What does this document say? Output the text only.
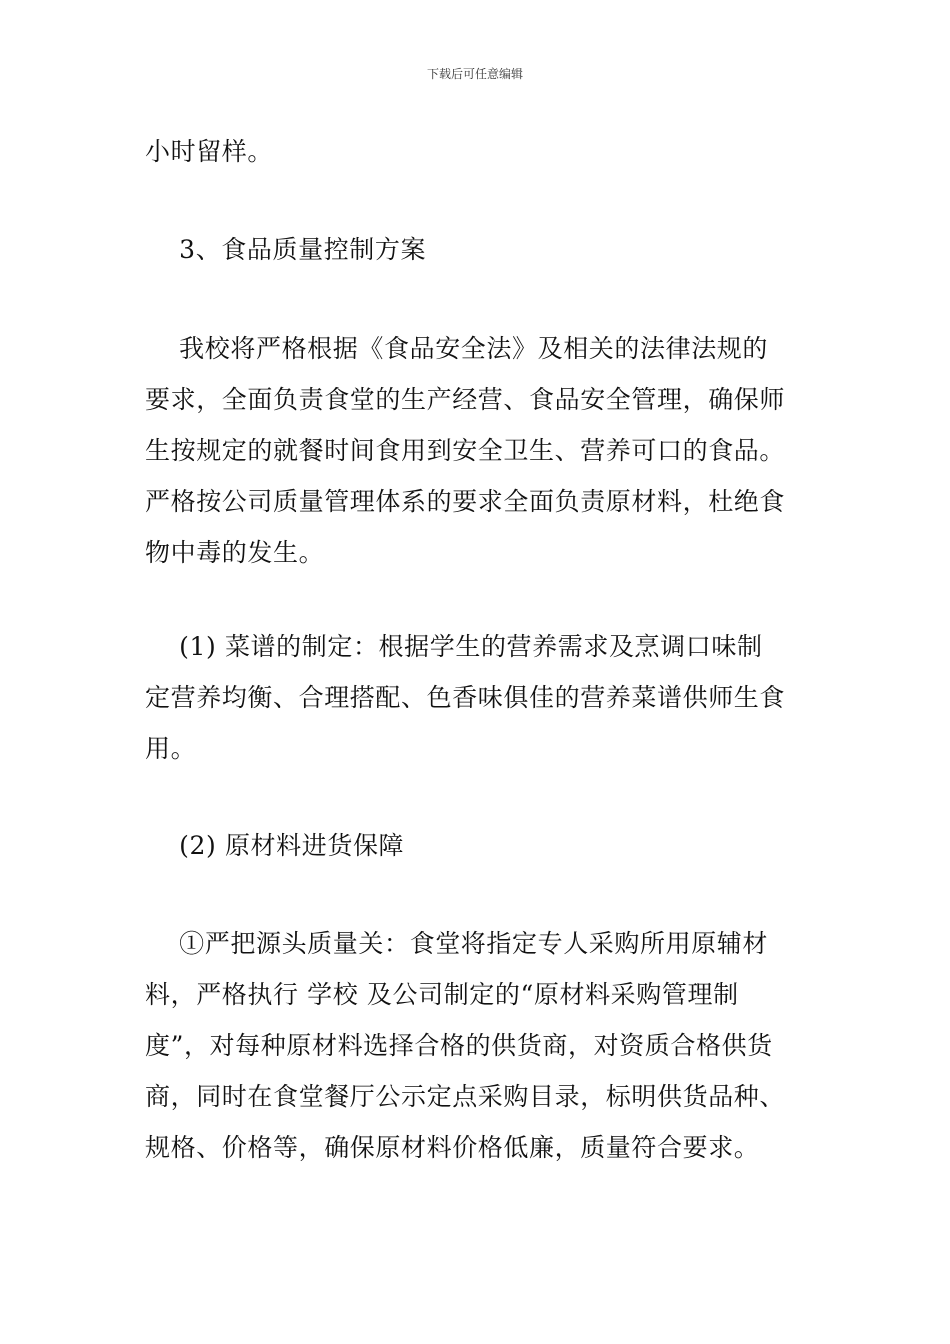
下载后可任意编辑
小时留样。
3、食品质量控制方案
我校将严格根据《食品安全法》及相关的法律法规的
要求，全面负责食堂的生产经营、食品安全管理，确保师
生按规定的就餐时间食用到安全卫生、营养可口的食品。
严格按公司质量管理体系的要求全面负责原材料，杜绝食
物中毒的发生。
(1) 菜谱的制定：根据学生的营养需求及烹调口味制
定营养均衡、合理搭配、色香味俱佳的营养菜谱供师生食
用。
(2) 原材料进货保障
①严把源头质量关：食堂将指定专人采购所用原辅材
料，严格执行 学校 及公司制定的“原材料采购管理制
度”，对每种原材料选择合格的供货商，对资质合格供货
商，同时在食堂餐厅公示定点采购目录，标明供货品种、
规格、价格等，确保原材料价格低廉，质量符合要求。
